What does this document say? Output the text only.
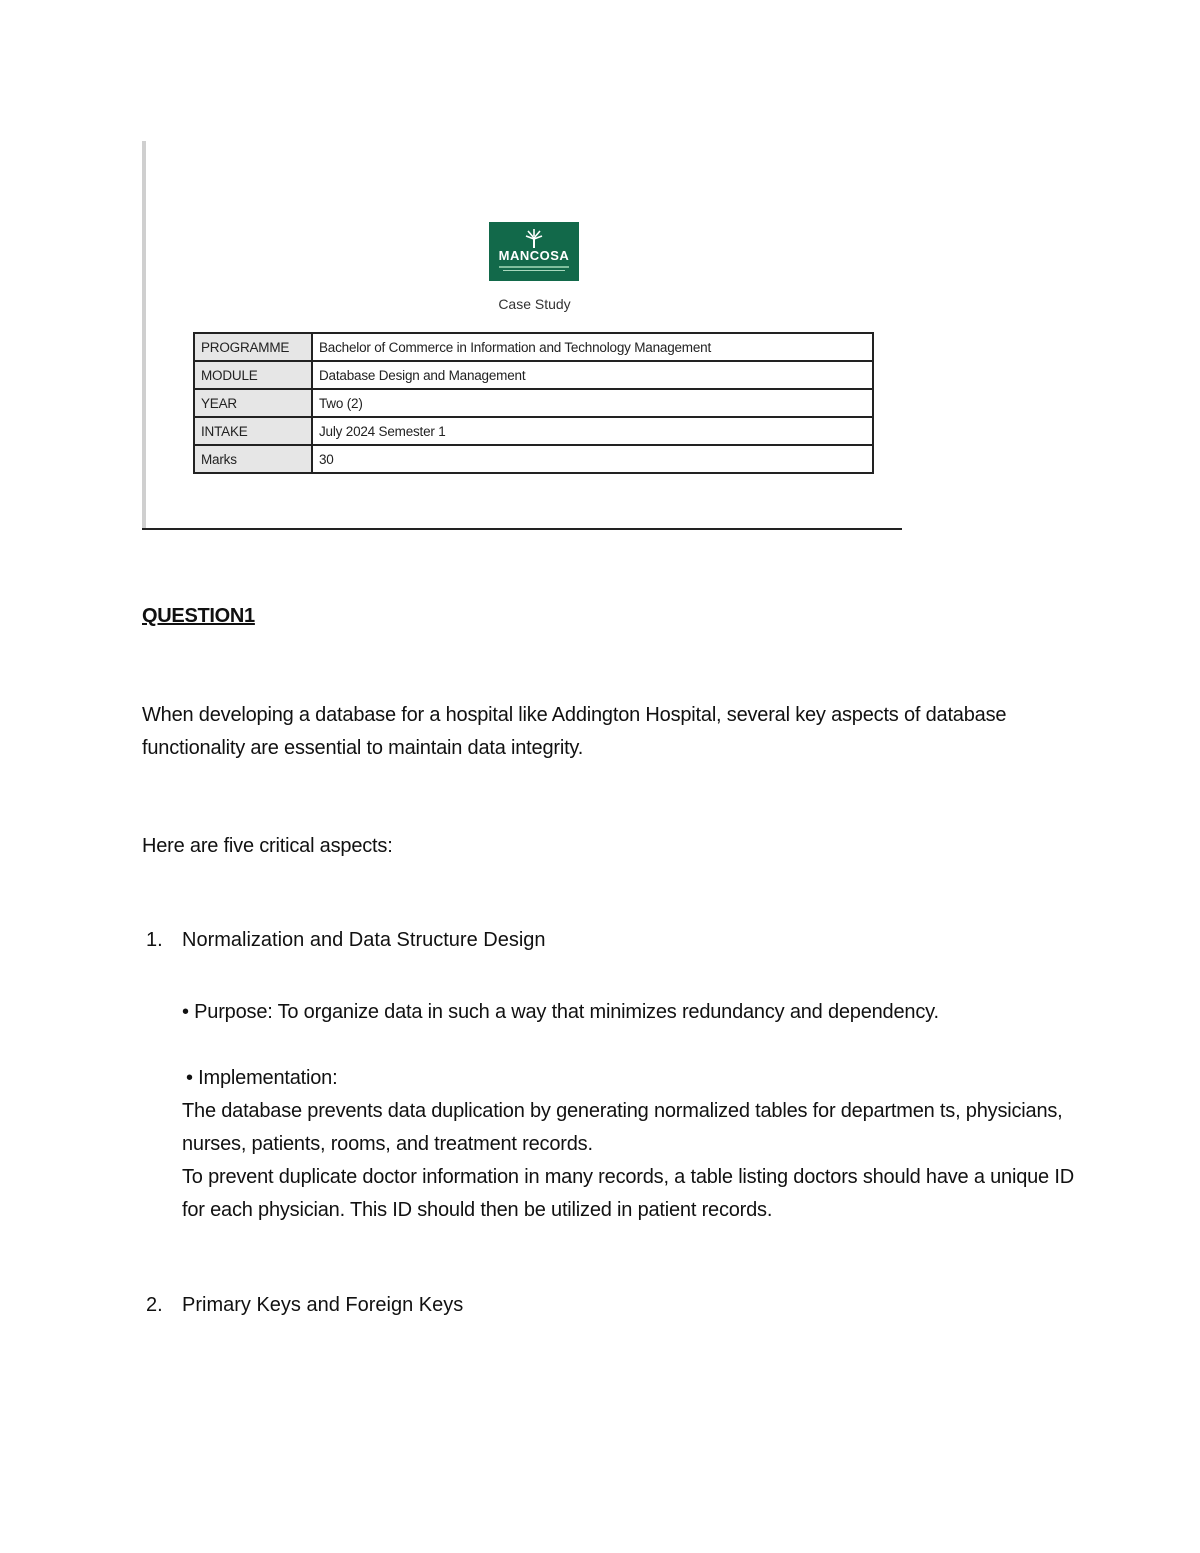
MANCOSA
Case Study
PROGRAMME	Bachelor of Commerce in Information and Technology Management
MODULE	Database Design and Management
YEAR	Two (2)
INTAKE	July 2024 Semester 1
Marks	30
QUESTION1
When developing a database for a hospital like Addington Hospital, several key aspects of database functionality are essential to maintain data integrity.
Here are five critical aspects:
1. Normalization and Data Structure Design
• Purpose: To organize data in such a way that minimizes redundancy and dependency.
• Implementation:
The database prevents data duplication by generating normalized tables for departmen ts, physicians, nurses, patients, rooms, and treatment records.
To prevent duplicate doctor information in many records, a table listing doctors should have a unique ID for each physician. This ID should then be utilized in patient records.
2. Primary Keys and Foreign Keys
